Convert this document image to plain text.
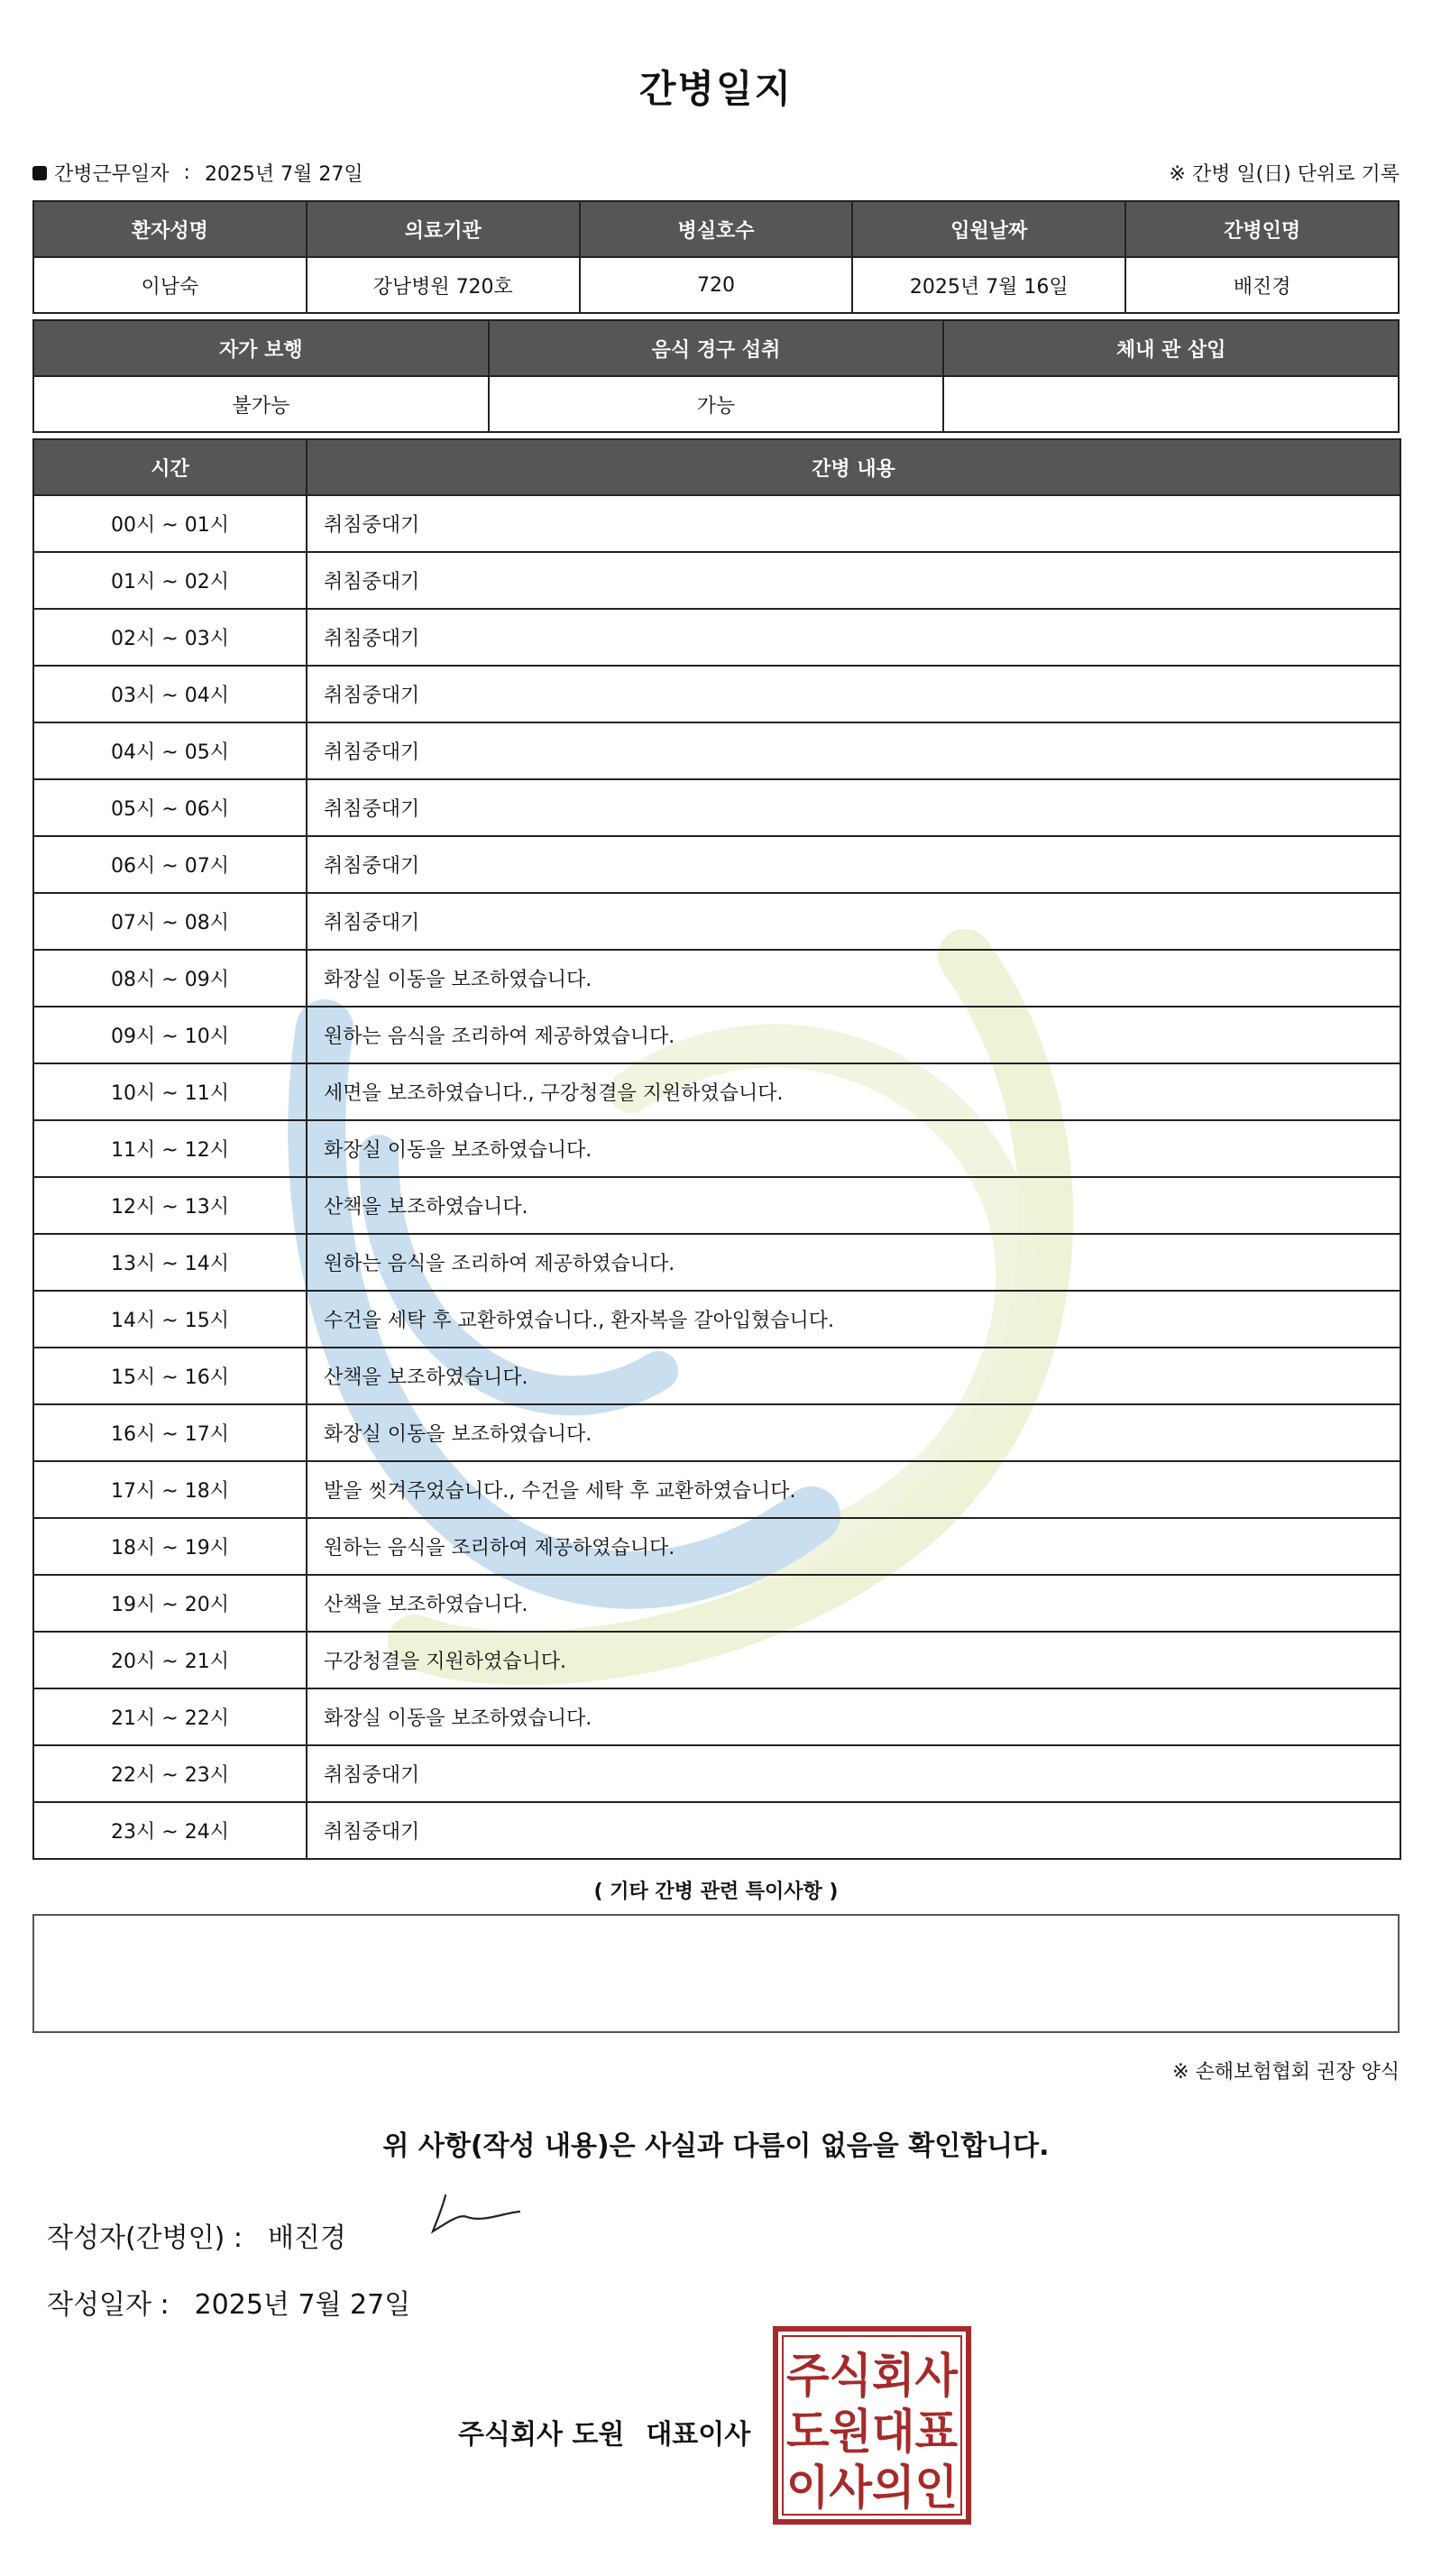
간병일지
간병근무일자 : 2025년 7월 27일	※ 간병 일(日) 단위로 기록
환자성명	의료기관	병실호수	입원날짜	간병인명
이남숙	강남병원 720호	720	2025년 7월 16일	배진경
자가 보행	음식 경구 섭취	체내 관 삽입
불가능	가능	
시간	간병 내용
00시 ~ 01시	취침중대기
01시 ~ 02시	취침중대기
02시 ~ 03시	취침중대기
03시 ~ 04시	취침중대기
04시 ~ 05시	취침중대기
05시 ~ 06시	취침중대기
06시 ~ 07시	취침중대기
07시 ~ 08시	취침중대기
08시 ~ 09시	화장실 이동을 보조하였습니다.
09시 ~ 10시	원하는 음식을 조리하여 제공하였습니다.
10시 ~ 11시	세면을 보조하였습니다., 구강청결을 지원하였습니다.
11시 ~ 12시	화장실 이동을 보조하였습니다.
12시 ~ 13시	산책을 보조하였습니다.
13시 ~ 14시	원하는 음식을 조리하여 제공하였습니다.
14시 ~ 15시	수건을 세탁 후 교환하였습니다., 환자복을 갈아입혔습니다.
15시 ~ 16시	산책을 보조하였습니다.
16시 ~ 17시	화장실 이동을 보조하였습니다.
17시 ~ 18시	발을 씻겨주었습니다., 수건을 세탁 후 교환하였습니다.
18시 ~ 19시	원하는 음식을 조리하여 제공하였습니다.
19시 ~ 20시	산책을 보조하였습니다.
20시 ~ 21시	구강청결을 지원하였습니다.
21시 ~ 22시	화장실 이동을 보조하였습니다.
22시 ~ 23시	취침중대기
23시 ~ 24시	취침중대기
( 기타 간병 관련 특이사항 )
※ 손해보험협회 권장 양식
위 사항(작성 내용)은 사실과 다름이 없음을 확인합니다.
작성자(간병인) : 배진경
작성일자 : 2025년 7월 27일
주식회사 도원 대표이사
주식회사
도원대표
이사의인
